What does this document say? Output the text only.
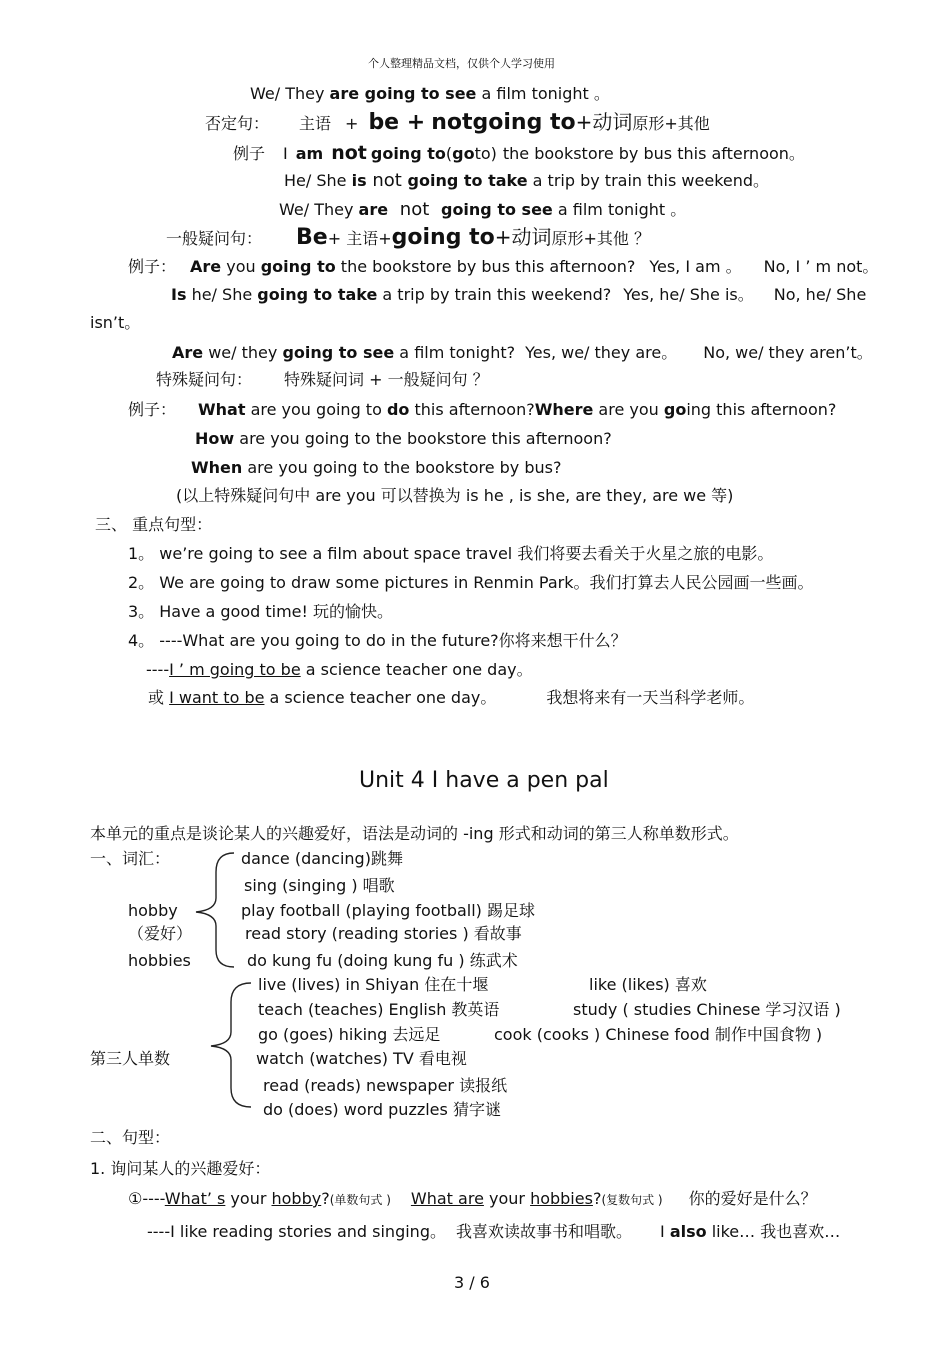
个人整理精品文档，仅供个人学习使用
We/ They are going to see a film tonight 。
否定句： 主语 + be + notgoing to+动词原形+其他
例子 I am not going to(goto) the bookstore by bus this afternoon。
He/ She is not going to take a trip by train this weekend。
We/ They are not going to see a film tonight 。
一般疑问句： Be+ 主语+going to+动词原形+其他 ？
例子： Are you going to the bookstore by bus this afternoon? Yes, I am 。 No, I ’ m not。
Is he/ She going to take a trip by train this weekend? Yes, he/ She is。 No, he/ She
isn’t。
Are we/ they going to see a film tonight? Yes, we/ they are。 No, we/ they aren’t。
特殊疑问句： 特殊疑问词 + 一般疑问句 ？
例子： What are you going to do this afternoon?Where are you going this afternoon?
How are you going to the bookstore this afternoon?
When are you going to the bookstore by bus?
(以上特殊疑问句中 are you 可以替换为 is he , is she, are they, are we 等)
三、 重点句型：
1。 we’re going to see a film about space travel 我们将要去看关于火星之旅的电影。
2。 We are going to draw some pictures in Renmin Park。我们打算去人民公园画一些画。
3。 Have a good time! 玩的愉快。
4。 ----What are you going to do in the future?你将来想干什么？
----I ’ m going to be a science teacher one day。
或 I want to be a science teacher one day。	我想将来有一天当科学老师。
Unit 4 I have a pen pal
本单元的重点是谈论某人的兴趣爱好，语法是动词的 -ing 形式和动词的第三人称单数形式。
一、词汇：
hobby
（爱好）
hobbies
dance (dancing)跳舞
sing (singing ) 唱歌
play football (playing football) 踢足球
read story (reading stories ) 看故事
do kung fu (doing kung fu ) 练武术
第三人单数
live (lives) in Shiyan 住在十堰
teach (teaches) English 教英语
go (goes) hiking 去远足
watch (watches) TV 看电视
read (reads) newspaper 读报纸
do (does) word puzzles 猜字谜
like (likes) 喜欢
study ( studies Chinese 学习汉语 )
cook (cooks ) Chinese food 制作中国食物 )
二、句型：
1. 询问某人的兴趣爱好：
①----What’ s your hobby?(单数句式 ) What are your hobbies?(复数句式 ) 你的爱好是什么？
----I like reading stories and singing。 我喜欢读故事书和唱歌。 I also like… 我也喜欢…
3 / 6
